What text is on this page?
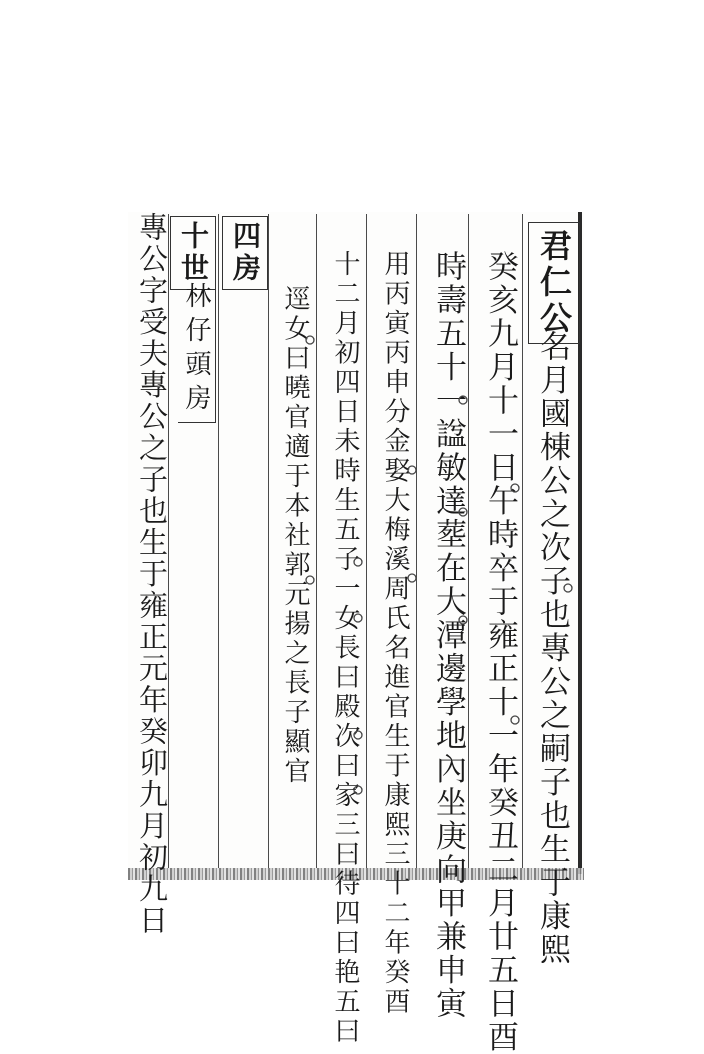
君仁公
名月國棟公之次子也專公之嗣子也生于康熙
癸亥九月十一日午時卒于雍正十一年癸丑二月廿五日酉
時壽五十一諡敏達塟在大潭邊學地內坐庚向甲兼申寅
用丙寅丙申分金娶大梅溪周氏名進官生于康熙三十二年癸酉
十二月初四日未時生五子一女長曰殿次曰家三曰待四曰艳五曰
逕女曰曉官適于本社郭元揚之長子顯官
四房
十世
林仔頭房
專公字受夫專公之子也生于雍正元年癸卯九月初九日
